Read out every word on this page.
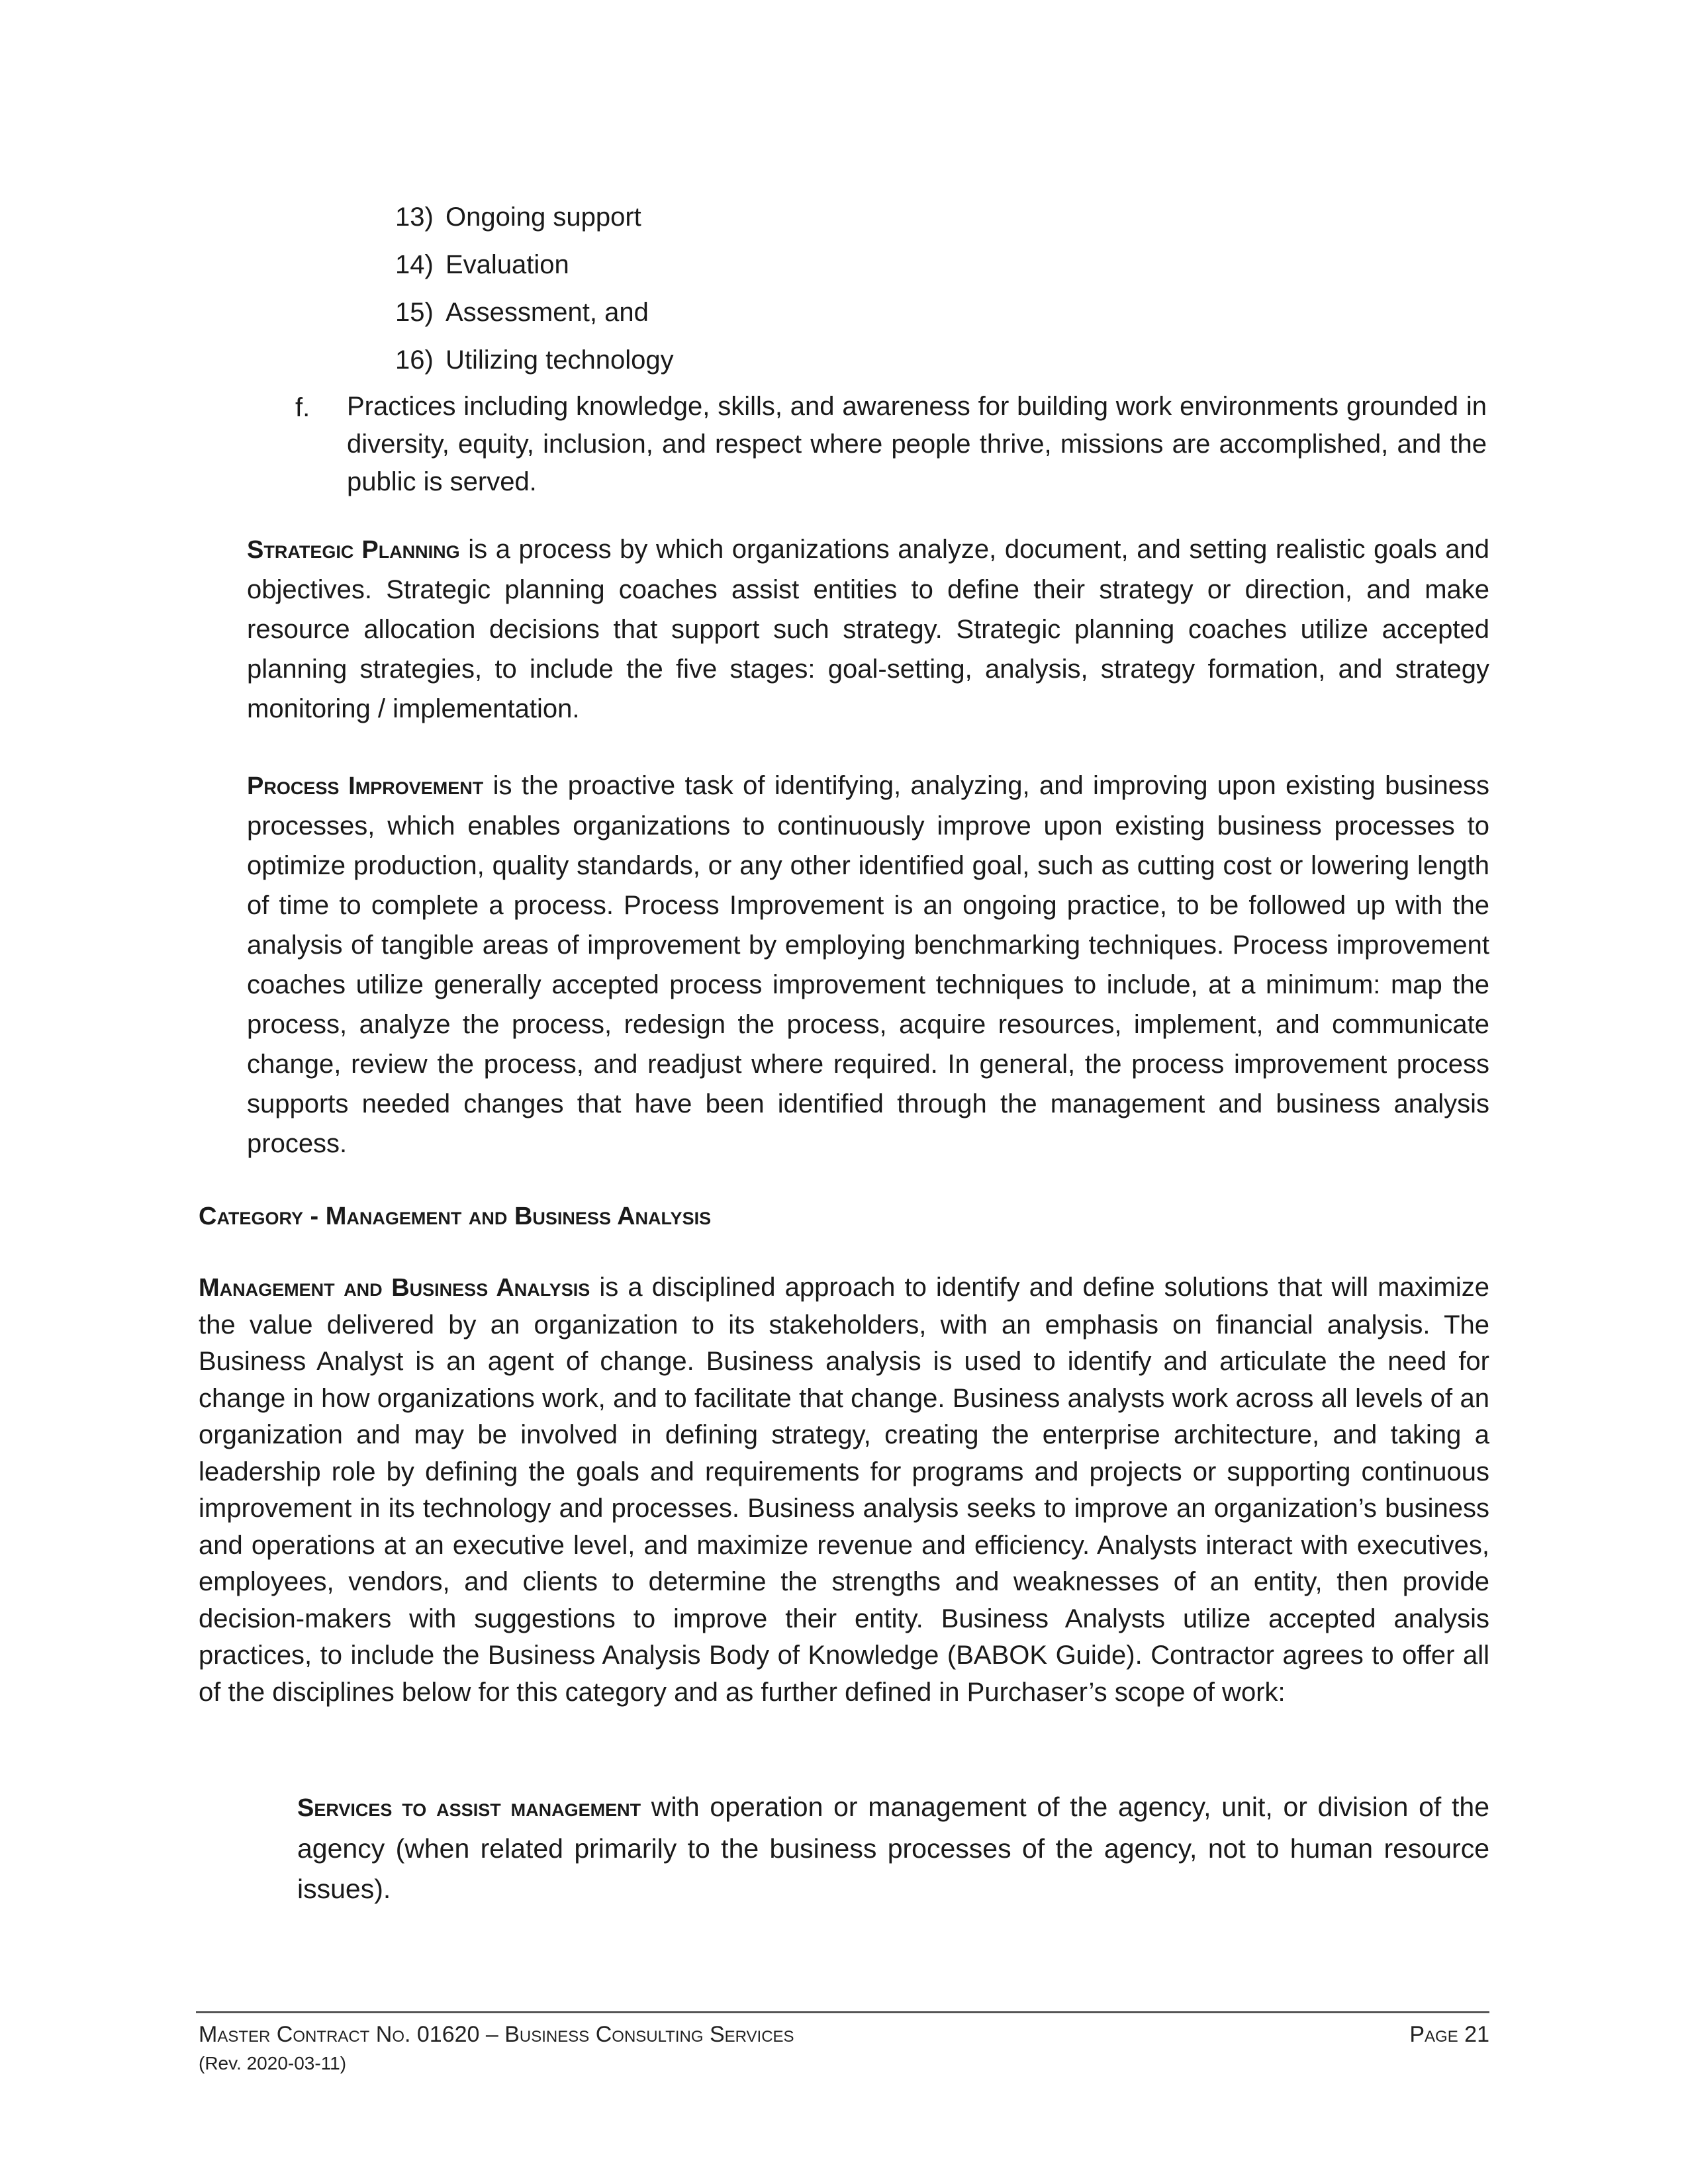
13) Ongoing support
14) Evaluation
15) Assessment, and
16) Utilizing technology
f. Practices including knowledge, skills, and awareness for building work environments grounded in diversity, equity, inclusion, and respect where people thrive, missions are accomplished, and the public is served.
Strategic Planning is a process by which organizations analyze, document, and setting realistic goals and objectives. Strategic planning coaches assist entities to define their strategy or direction, and make resource allocation decisions that support such strategy. Strategic planning coaches utilize accepted planning strategies, to include the five stages: goal-setting, analysis, strategy formation, and strategy monitoring / implementation.
Process Improvement is the proactive task of identifying, analyzing, and improving upon existing business processes, which enables organizations to continuously improve upon existing business processes to optimize production, quality standards, or any other identified goal, such as cutting cost or lowering length of time to complete a process. Process Improvement is an ongoing practice, to be followed up with the analysis of tangible areas of improvement by employing benchmarking techniques. Process improvement coaches utilize generally accepted process improvement techniques to include, at a minimum: map the process, analyze the process, redesign the process, acquire resources, implement, and communicate change, review the process, and readjust where required. In general, the process improvement process supports needed changes that have been identified through the management and business analysis process.
Category - Management and Business Analysis
Management and Business Analysis is a disciplined approach to identify and define solutions that will maximize the value delivered by an organization to its stakeholders, with an emphasis on financial analysis. The Business Analyst is an agent of change. Business analysis is used to identify and articulate the need for change in how organizations work, and to facilitate that change. Business analysts work across all levels of an organization and may be involved in defining strategy, creating the enterprise architecture, and taking a leadership role by defining the goals and requirements for programs and projects or supporting continuous improvement in its technology and processes. Business analysis seeks to improve an organization’s business and operations at an executive level, and maximize revenue and efficiency. Analysts interact with executives, employees, vendors, and clients to determine the strengths and weaknesses of an entity, then provide decision-makers with suggestions to improve their entity. Business Analysts utilize accepted analysis practices, to include the Business Analysis Body of Knowledge (BABOK Guide). Contractor agrees to offer all of the disciplines below for this category and as further defined in Purchaser’s scope of work:
Services to assist management with operation or management of the agency, unit, or division of the agency (when related primarily to the business processes of the agency, not to human resource issues).
Master Contract No. 01620 – Business Consulting Services
(Rev. 2020-03-11)
Page 21
